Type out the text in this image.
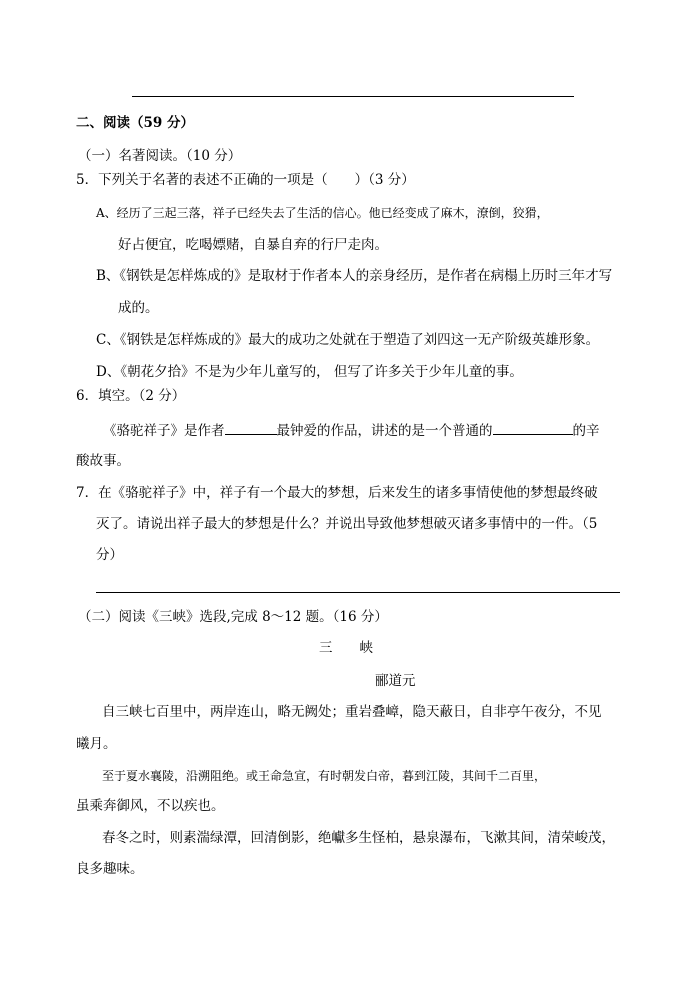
二、阅读（59 分）
（一）名著阅读。（10 分）
5．下列关于名著的表述不正确的一项是（　　）（3 分）
A、经历了三起三落，祥子已经失去了生活的信心。他已经变成了麻木，潦倒，狡猾，
好占便宜，吃喝嫖赌，自暴自弃的行尸走肉。
B、《钢铁是怎样炼成的》是取材于作者本人的亲身经历，是作者在病榻上历时三年才写
成的。
C、《钢铁是怎样炼成的》最大的成功之处就在于塑造了刘四这一无产阶级英雄形象。
D、《朝花夕拾》不是为少年儿童写的， 但写了许多关于少年儿童的事。
6．填空。（2 分）
《骆驼祥子》是作者	最钟爱的作品，讲述的是一个普通的	的辛
酸故事。
7．在《骆驼祥子》中，祥子有一个最大的梦想，后来发生的诸多事情使他的梦想最终破
灭了。请说出祥子最大的梦想是什么？并说出导致他梦想破灭诸多事情中的一件。（5
分）
（二）阅读《三峡》选段,完成 8～12 题。（16 分）
三　　峡
郦道元
自三峡七百里中，两岸连山，略无阙处；重岩叠嶂，隐天蔽日，自非亭午夜分，不见
曦月。
至于夏水襄陵，沿溯阻绝。或王命急宣，有时朝发白帝，暮到江陵，其间千二百里，
虽乘奔御风，不以疾也。
春冬之时，则素湍绿潭，回清倒影，绝巘多生怪柏，悬泉瀑布，飞漱其间，清荣峻茂，
良多趣味。
